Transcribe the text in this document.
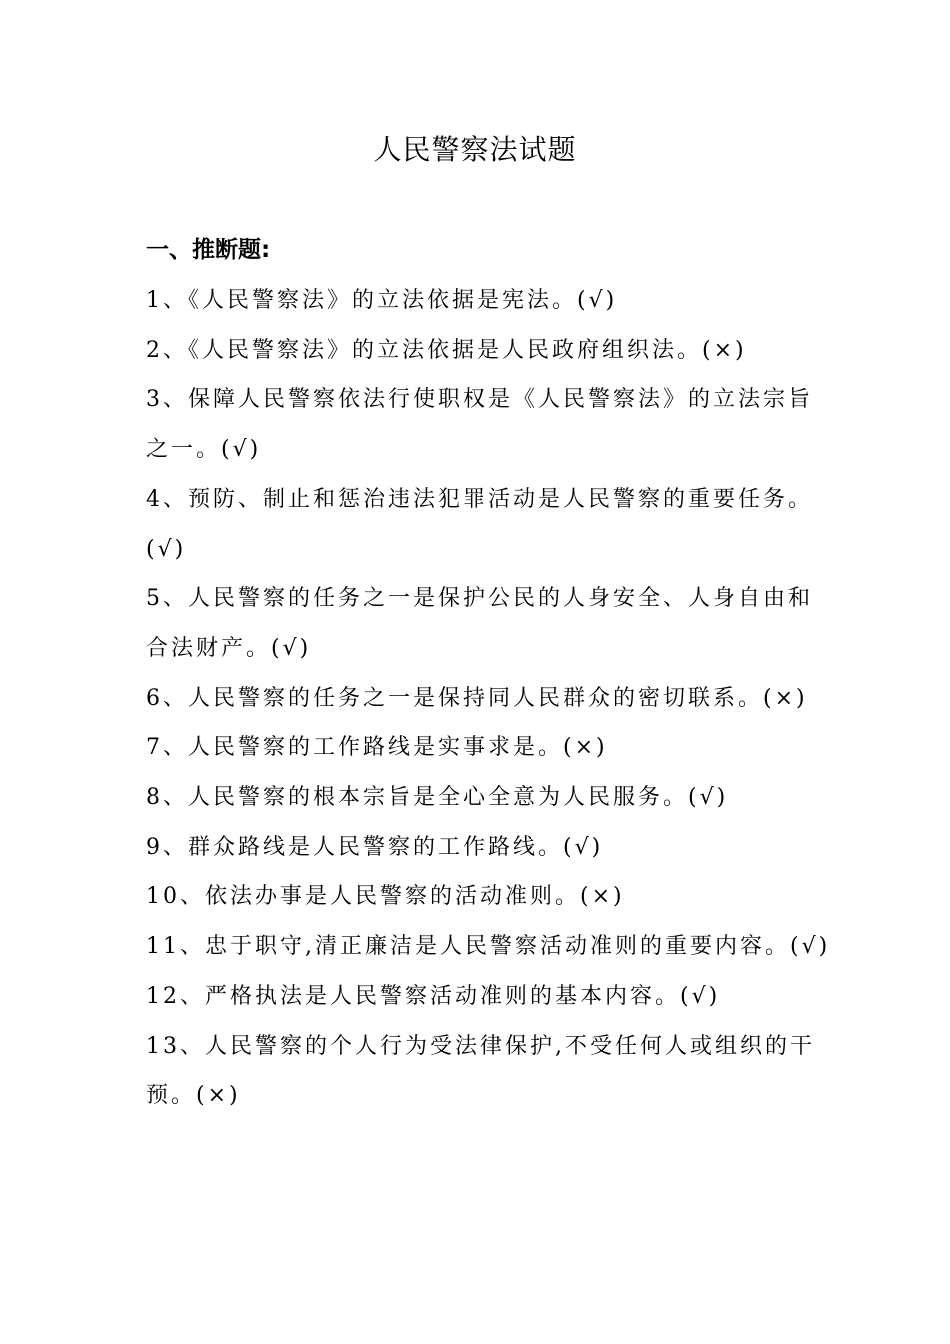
人民警察法试题
一、推断题:
1、《人民警察法》的立法依据是宪法。(√)
2、《人民警察法》的立法依据是人民政府组织法。(×)
3、保障人民警察依法行使职权是《人民警察法》的立法宗旨之一。(√)
4、预防、制止和惩治违法犯罪活动是人民警察的重要任务。(√)
5、人民警察的任务之一是保护公民的人身安全、人身自由和合法财产。(√)
6、人民警察的任务之一是保持同人民群众的密切联系。(×)
7、人民警察的工作路线是实事求是。(×)
8、人民警察的根本宗旨是全心全意为人民服务。(√)
9、群众路线是人民警察的工作路线。(√)
10、依法办事是人民警察的活动准则。(×)
11、忠于职守,清正廉洁是人民警察活动准则的重要内容。(√)
12、严格执法是人民警察活动准则的基本内容。(√)
13、人民警察的个人行为受法律保护,不受任何人或组织的干预。(×)
